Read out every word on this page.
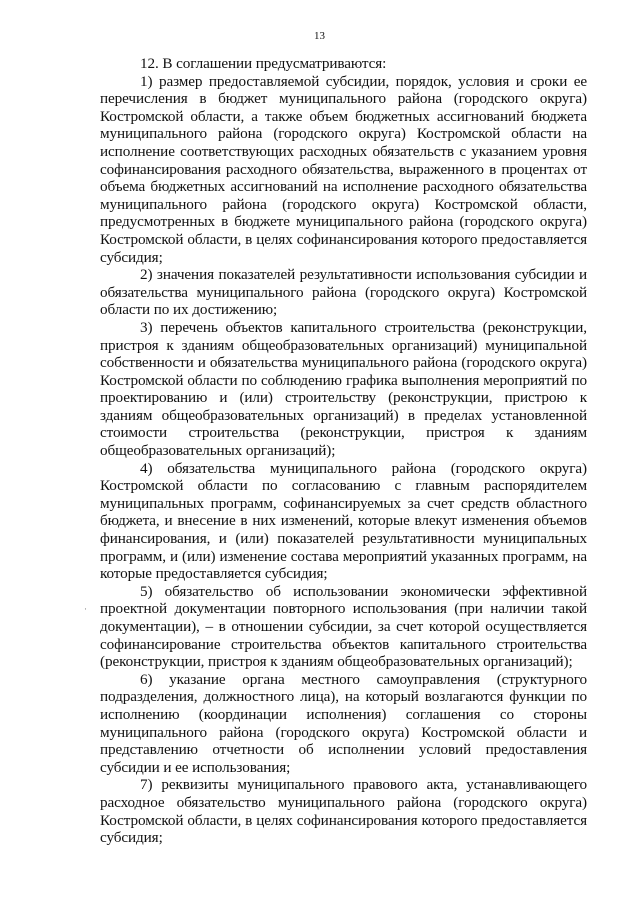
13
·

12. В соглашении предусматриваются:

1) размер предоставляемой субсидии, порядок, условия и сроки ее перечисления в бюджет муниципального района (городского округа) Костромской области, а также объем бюджетных ассигнований бюджета муниципального района (городского округа) Костромской области на исполнение соответствующих расходных обязательств с указанием уровня софинансирования расходного обязательства, выраженного в процентах от объема бюджетных ассигнований на исполнение расходного обязательства муниципального района (городского округа) Костромской области, предусмотренных в бюджете муниципального района (городского округа) Костромской области, в целях софинансирования которого предоставляется субсидия;

2) значения показателей результативности использования субсидии и обязательства муниципального района (городского округа) Костромской области по их достижению;

3) перечень объектов капитального строительства (реконструкции, пристроя к зданиям общеобразовательных организаций) муниципальной собственности и обязательства муниципального района (городского округа) Костромской области по соблюдению графика выполнения мероприятий по проектированию и (или) строительству (реконструкции, пристрою к зданиям общеобразовательных организаций) в пределах установленной стоимости строительства (реконструкции, пристроя к зданиям общеобразовательных организаций);

4) обязательства муниципального района (городского округа) Костромской области по согласованию с главным распорядителем муниципальных программ, софинансируемых за счет средств областного бюджета, и внесение в них изменений, которые влекут изменения объемов финансирования, и (или) показателей результативности муниципальных программ, и (или) изменение состава мероприятий указанных программ, на которые предоставляется субсидия;

5) обязательство об использовании экономически эффективной проектной документации повторного использования (при наличии такой документации), – в отношении субсидии, за счет которой осуществляется софинансирование строительства объектов капитального строительства (реконструкции, пристроя к зданиям общеобразовательных организаций);

6) указание органа местного самоуправления (структурного подразделения, должностного лица), на который возлагаются функции по исполнению (координации исполнения) соглашения со стороны муниципального района (городского округа) Костромской области и представлению отчетности об исполнении условий предоставления субсидии и ее использования;

7) реквизиты муниципального правового акта, устанавливающего расходное обязательство муниципального района (городского округа) Костромской области, в целях софинансирования которого предоставляется субсидия;
